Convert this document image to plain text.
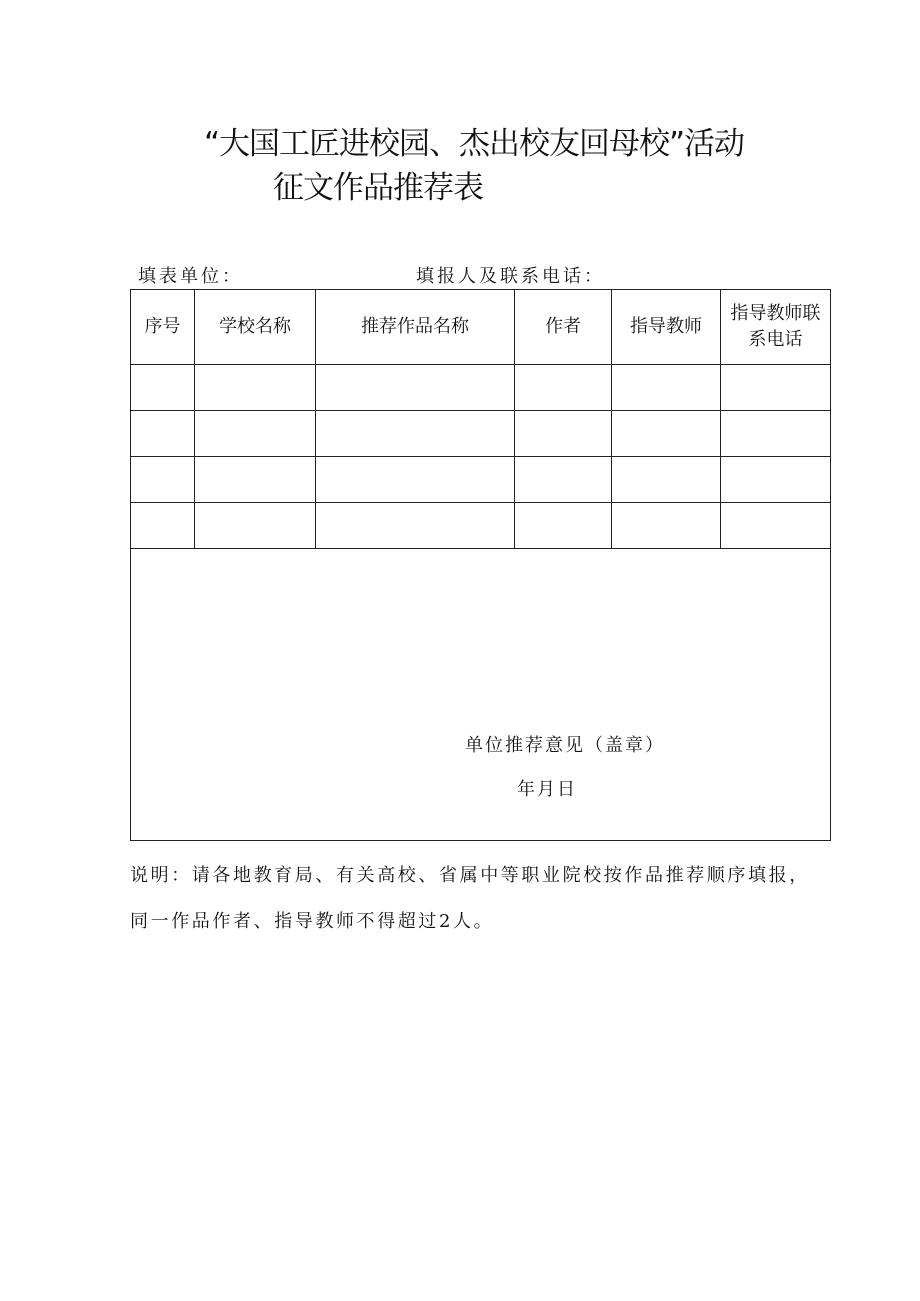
“大国工匠进校园、杰出校友回母校”活动
征文作品推荐表
填表单位：	填报人及联系电话：
序号	学校名称	推荐作品名称	作者	指导教师	指导教师联系电话

单位推荐意见（盖章）
年月日					
说明：请各地教育局、有关高校、省属中等职业院校按作品推荐顺序填报，同一作品作者、指导教师不得超过2人。
